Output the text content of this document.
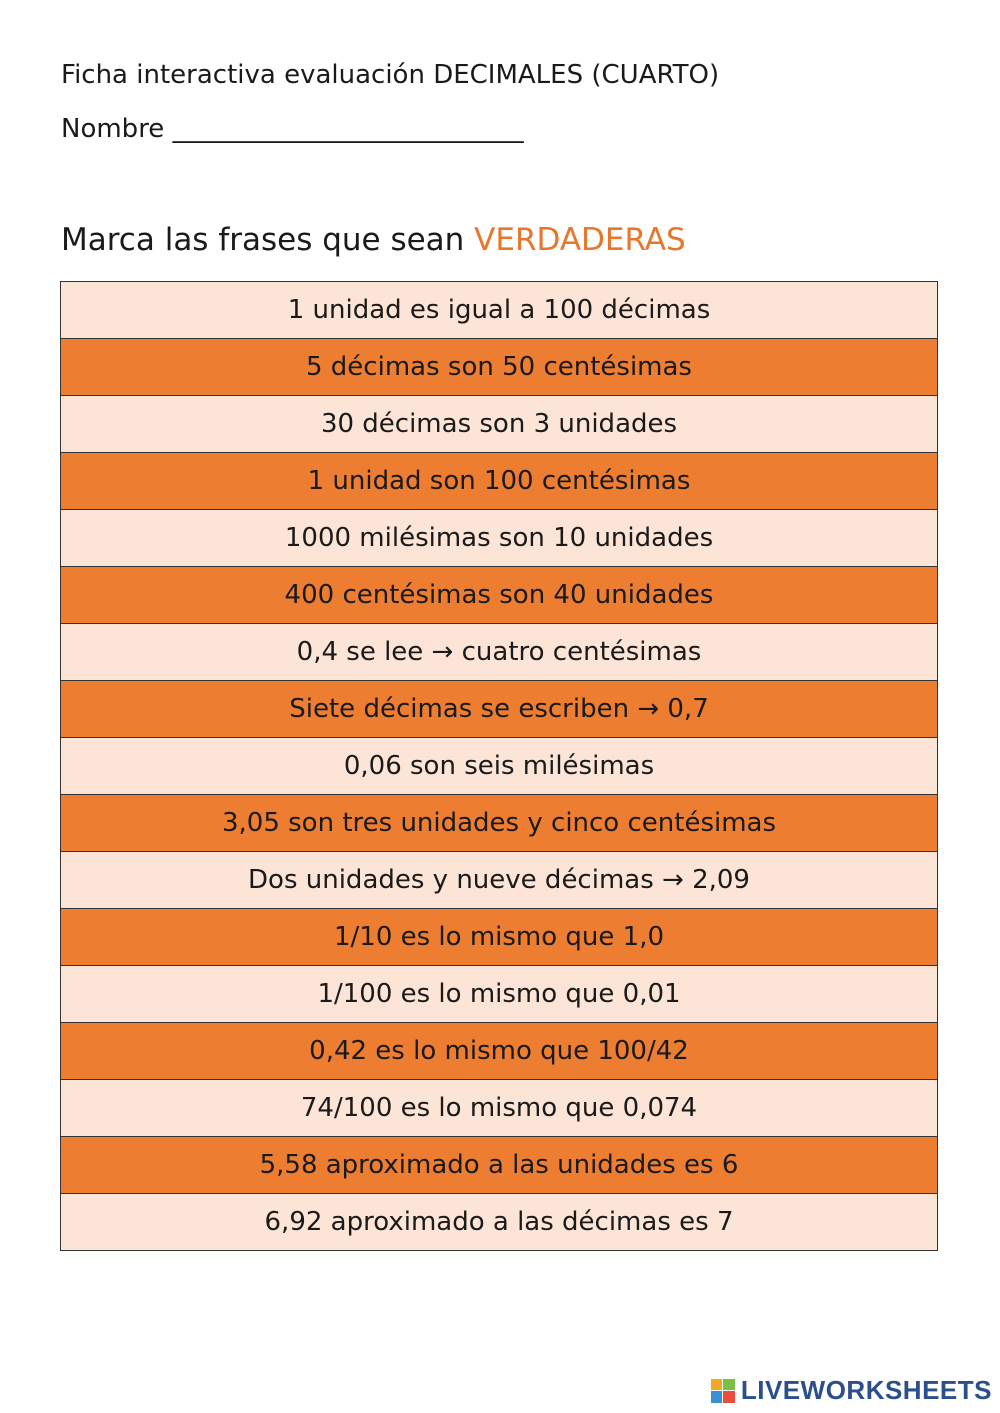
Ficha interactiva evaluación DECIMALES (CUARTO)
Nombre ___________________________
Marca las frases que sean VERDADERAS
1 unidad es igual a 100 décimas
5 décimas son 50 centésimas
30 décimas son 3 unidades
1 unidad son 100 centésimas
1000 milésimas son 10 unidades
400 centésimas son 40 unidades
0,4 se lee → cuatro centésimas
Siete décimas se escriben → 0,7
0,06 son seis milésimas
3,05 son tres unidades y cinco centésimas
Dos unidades y nueve décimas → 2,09
1/10 es lo mismo que 1,0
1/100 es lo mismo que 0,01
0,42 es lo mismo que 100/42
74/100 es lo mismo que 0,074
5,58 aproximado a las unidades es 6
6,92 aproximado a las décimas es 7
LIVEWORKSHEETS
